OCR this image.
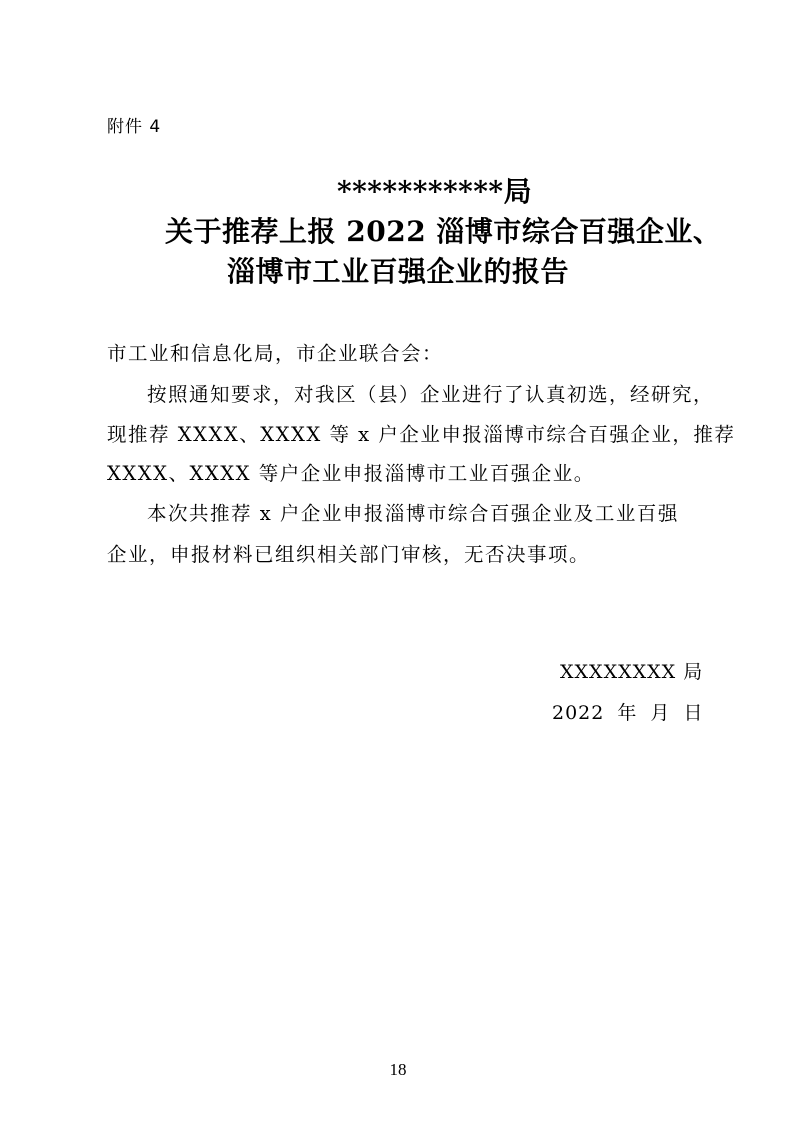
附件 4
***********局
关于推荐上报 2022 淄博市综合百强企业、
淄博市工业百强企业的报告
市工业和信息化局，市企业联合会：
按照通知要求，对我区（县）企业进行了认真初选，经研究，
现推荐 XXXX、XXXX 等 x 户企业申报淄博市综合百强企业，推荐
XXXX、XXXX 等户企业申报淄博市工业百强企业。
本次共推荐 x 户企业申报淄博市综合百强企业及工业百强
企业，申报材料已组织相关部门审核，无否决事项。
XXXXXXXX 局
2022 年 月 日
18
